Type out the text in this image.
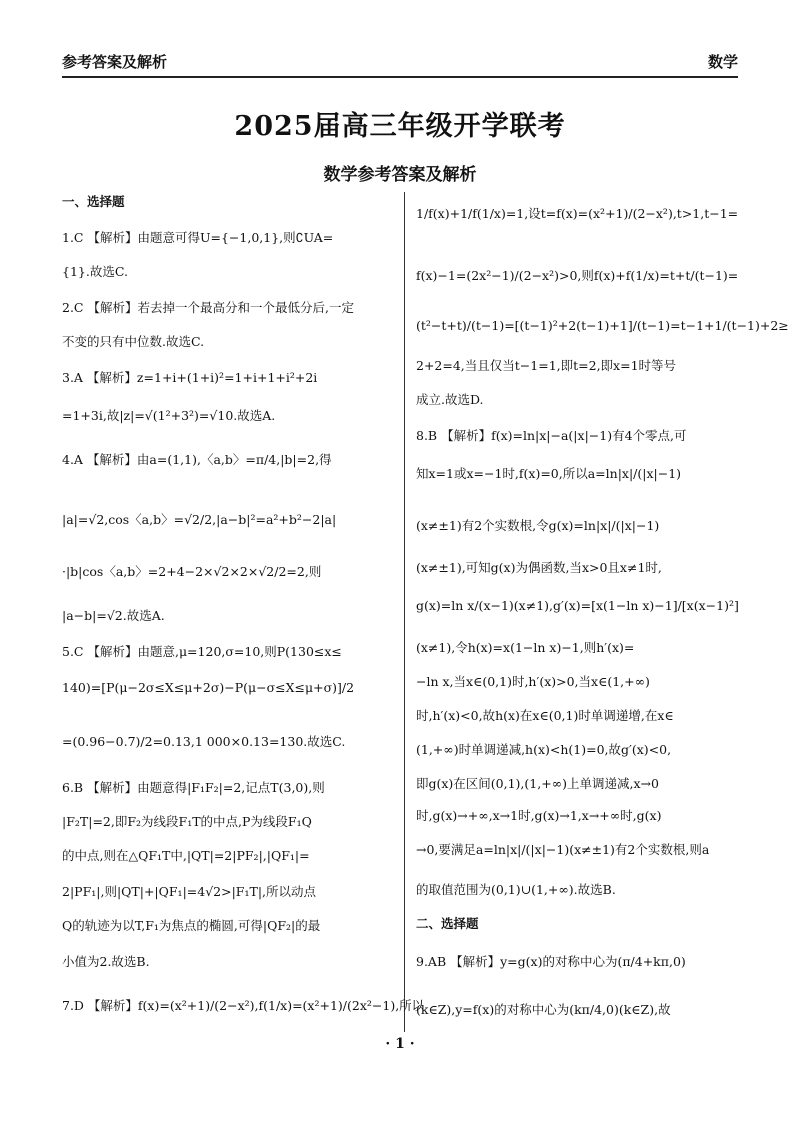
参考答案及解析	数学
2025届高三年级开学联考
数学参考答案及解析
一、选择题
1.C 【解析】由题意可得U={−1,0,1},则∁UA=
{1}.故选C.
2.C 【解析】若去掉一个最高分和一个最低分后,一定
不变的只有中位数.故选C.
3.A 【解析】z=1+i+(1+i)²=1+i+1+i²+2i
=1+3i,故|z|=√(1²+3²)=√10.故选A.
4.A 【解析】由a=(1,1),〈a,b〉=π/4,|b|=2,得
|a|=√2,cos〈a,b〉=√2/2,|a−b|²=a²+b²−2|a|
·|b|cos〈a,b〉=2+4−2×√2×2×√2/2=2,则
|a−b|=√2.故选A.
5.C 【解析】由题意,μ=120,σ=10,则P(130≤x≤
140)=[P(μ−2σ≤X≤μ+2σ)−P(μ−σ≤X≤μ+σ)]/2
=(0.96−0.7)/2=0.13,1 000×0.13=130.故选C.
6.B 【解析】由题意得|F₁F₂|=2,记点T(3,0),则
|F₂T|=2,即F₂为线段F₁T的中点,P为线段F₁Q
的中点,则在△QF₁T中,|QT|=2|PF₂|,|QF₁|=
2|PF₁|,则|QT|+|QF₁|=4√2>|F₁T|,所以动点
Q的轨迹为以T,F₁为焦点的椭圆,可得|QF₂|的最
小值为2.故选B.
7.D 【解析】f(x)=(x²+1)/(2−x²),f(1/x)=(x²+1)/(2x²−1),所以
1/f(x)+1/f(1/x)=1,设t=f(x)=(x²+1)/(2−x²),t>1,t−1=
f(x)−1=(2x²−1)/(2−x²)>0,则f(x)+f(1/x)=t+t/(t−1)=
(t²−t+t)/(t−1)=[(t−1)²+2(t−1)+1]/(t−1)=t−1+1/(t−1)+2≥
2+2=4,当且仅当t−1=1,即t=2,即x=1时等号
成立.故选D.
8.B 【解析】f(x)=ln|x|−a(|x|−1)有4个零点,可
知x=1或x=−1时,f(x)=0,所以a=ln|x|/(|x|−1)
(x≠±1)有2个实数根,令g(x)=ln|x|/(|x|−1)
(x≠±1),可知g(x)为偶函数,当x>0且x≠1时,
g(x)=ln x/(x−1)(x≠1),g′(x)=[x(1−ln x)−1]/[x(x−1)²]
(x≠1),令h(x)=x(1−ln x)−1,则h′(x)=
−ln x,当x∈(0,1)时,h′(x)>0,当x∈(1,+∞)
时,h′(x)<0,故h(x)在x∈(0,1)时单调递增,在x∈
(1,+∞)时单调递减,h(x)<h(1)=0,故g′(x)<0,
即g(x)在区间(0,1),(1,+∞)上单调递减,x→0
时,g(x)→+∞,x→1时,g(x)→1,x→+∞时,g(x)
→0,要满足a=ln|x|/(|x|−1)(x≠±1)有2个实数根,则a
的取值范围为(0,1)∪(1,+∞).故选B.
二、选择题
9.AB 【解析】y=g(x)的对称中心为(π/4+kπ,0)
(k∈Z),y=f(x)的对称中心为(kπ/4,0)(k∈Z),故
· 1 ·
